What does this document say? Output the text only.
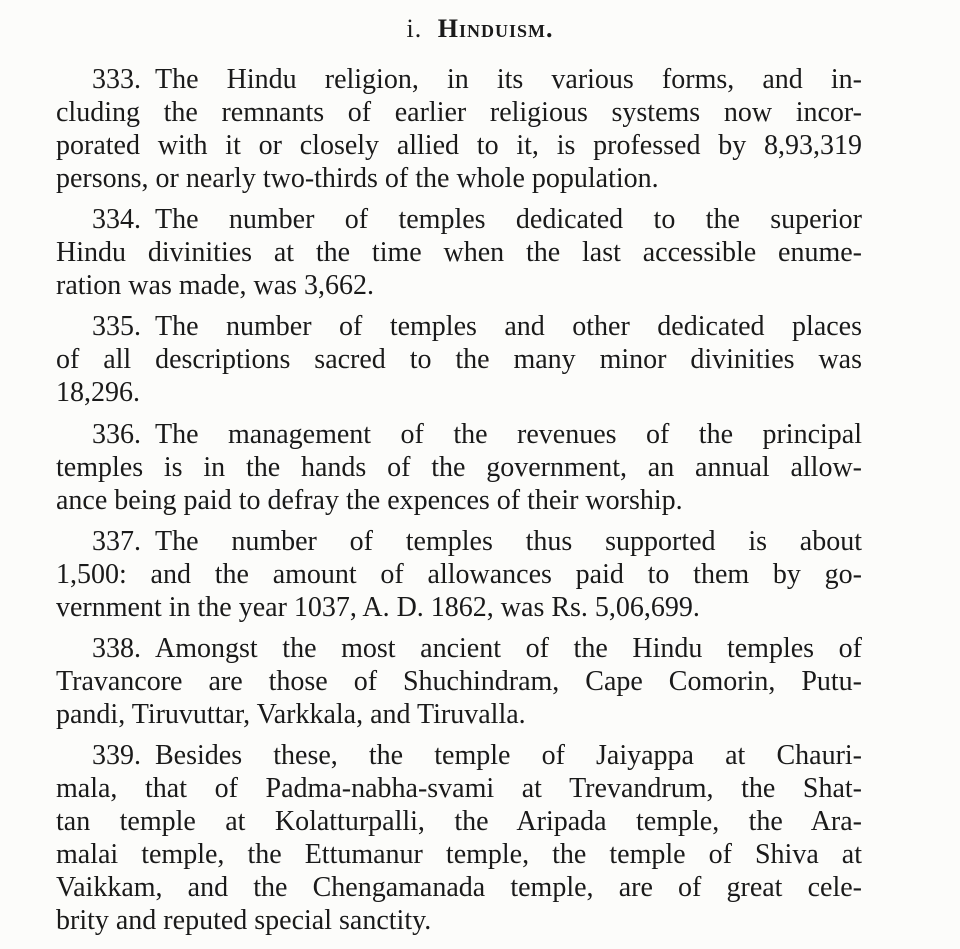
i. Hinduism.
333. The Hindu religion, in its various forms, and in-
cluding the remnants of earlier religious systems now incor-
porated with it or closely allied to it, is professed by 8,93,319
persons, or nearly two-thirds of the whole population.
334. The number of temples dedicated to the superior
Hindu divinities at the time when the last accessible enume-
ration was made, was 3,662.
335. The number of temples and other dedicated places
of all descriptions sacred to the many minor divinities was
18,296.
336. The management of the revenues of the principal
temples is in the hands of the government, an annual allow-
ance being paid to defray the expences of their worship.
337. The number of temples thus supported is about
1,500: and the amount of allowances paid to them by go-
vernment in the year 1037, A. D. 1862, was Rs. 5,06,699.
338. Amongst the most ancient of the Hindu temples of
Travancore are those of Shuchindram, Cape Comorin, Putu-
pandi, Tiruvuttar, Varkkala, and Tiruvalla.
339. Besides these, the temple of Jaiyappa at Chauri-
mala, that of Padma-nabha-svami at Trevandrum, the Shat-
tan temple at Kolatturpalli, the Aripada temple, the Ara-
malai temple, the Ettumanur temple, the temple of Shiva at
Vaikkam, and the Chengamanada temple, are of great cele-
brity and reputed special sanctity.
